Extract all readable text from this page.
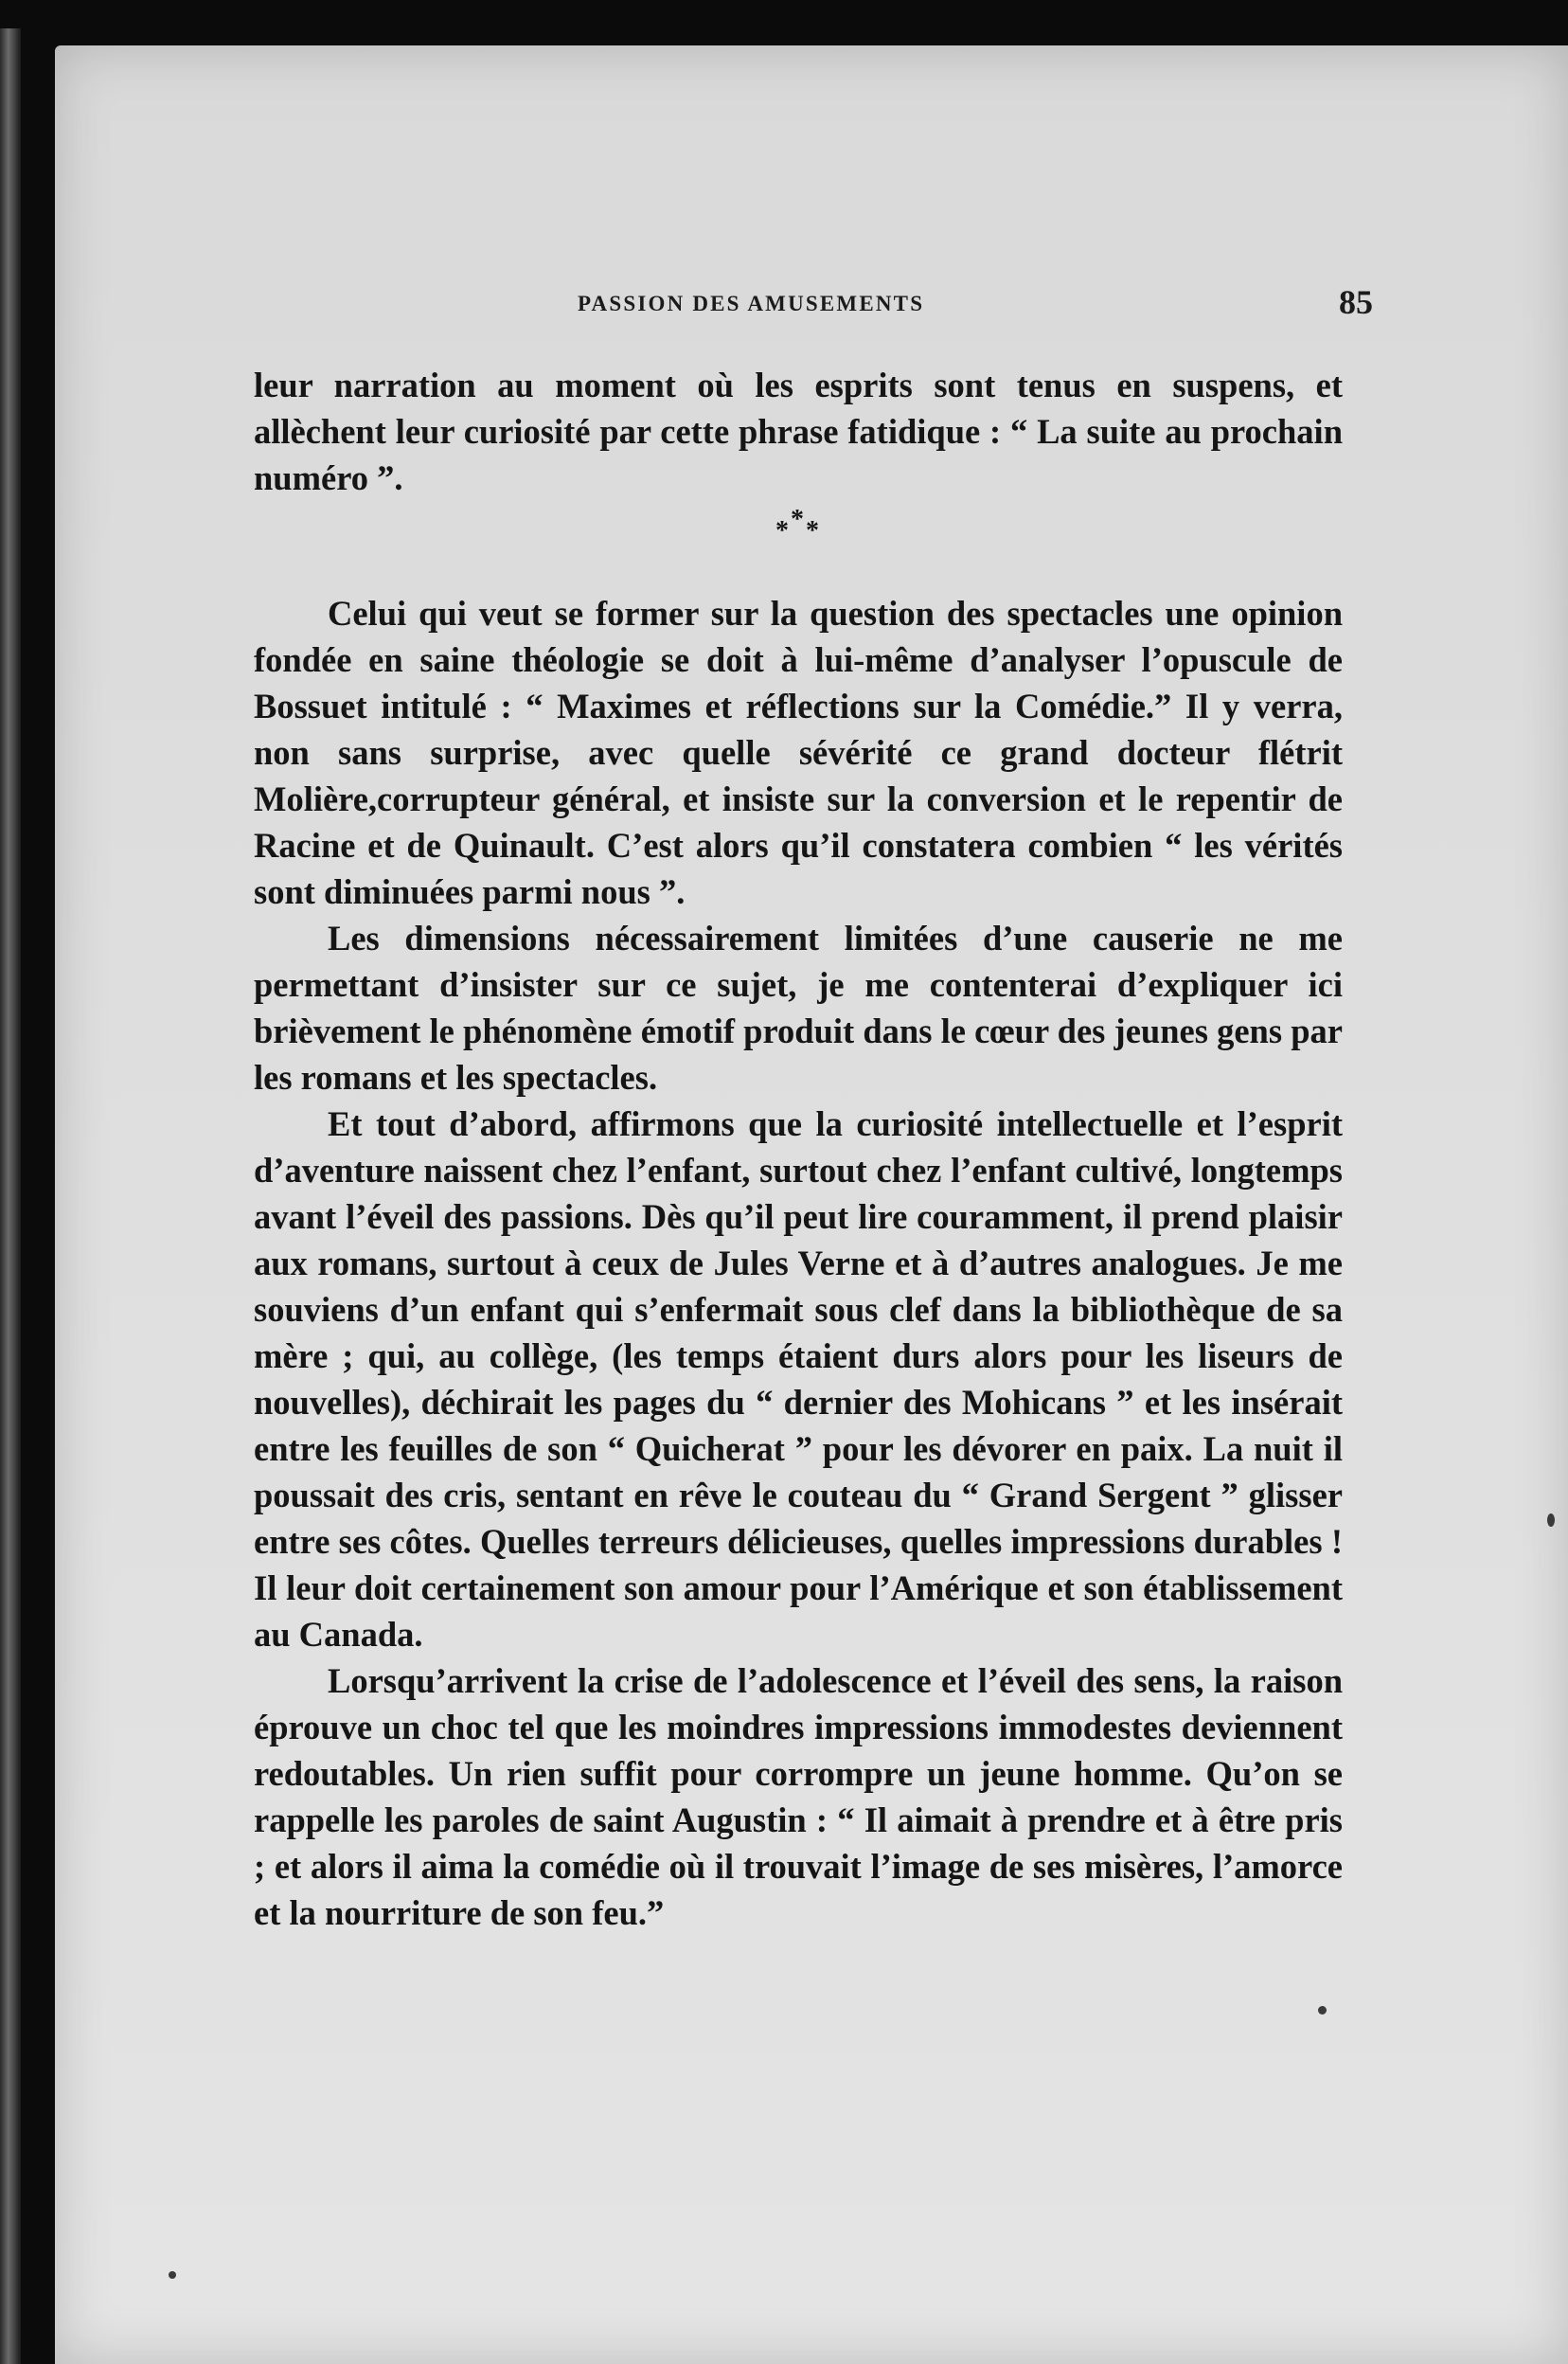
PASSION DES AMUSEMENTS	85

leur narration au moment où les esprits sont tenus en suspens, et allèchent leur curiosité par cette phrase fatidique : “ La suite au prochain numéro ”.

***

Celui qui veut se former sur la question des spectacles une opinion fondée en saine théologie se doit à lui-même d’analyser l’opuscule de Bossuet intitulé : “ Maximes et réflections sur la Comédie.” Il y verra, non sans surprise, avec quelle sévérité ce grand docteur flétrit Molière,corrupteur général, et insiste sur la conversion et le repentir de Racine et de Quinault. C’est alors qu’il constatera combien “ les vérités sont diminuées parmi nous ”.

Les dimensions nécessairement limitées d’une causerie ne me permettant d’insister sur ce sujet, je me contenterai d’expliquer ici brièvement le phénomène émotif produit dans le cœur des jeunes gens par les romans et les spectacles.

Et tout d’abord, affirmons que la curiosité intellectuelle et l’esprit d’aventure naissent chez l’enfant, surtout chez l’enfant cultivé, longtemps avant l’éveil des passions. Dès qu’il peut lire couramment, il prend plaisir aux romans, surtout à ceux de Jules Verne et à d’autres analogues. Je me souviens d’un enfant qui s’enfermait sous clef dans la bibliothèque de sa mère ; qui, au collège, (les temps étaient durs alors pour les liseurs de nouvelles), déchirait les pages du “ dernier des Mohicans ” et les insérait entre les feuilles de son “ Quicherat ” pour les dévorer en paix. La nuit il poussait des cris, sentant en rêve le couteau du “ Grand Sergent ” glisser entre ses côtes. Quelles terreurs délicieuses, quelles impressions durables ! Il leur doit certainement son amour pour l’Amérique et son établissement au Canada.

Lorsqu’arrivent la crise de l’adolescence et l’éveil des sens, la raison éprouve un choc tel que les moindres impressions immodestes deviennent redoutables. Un rien suffit pour corrompre un jeune homme. Qu’on se rappelle les paroles de saint Augustin : “ Il aimait à prendre et à être pris ; et alors il aima la comédie où il trouvait l’image de ses misères, l’amorce et la nourriture de son feu.”
